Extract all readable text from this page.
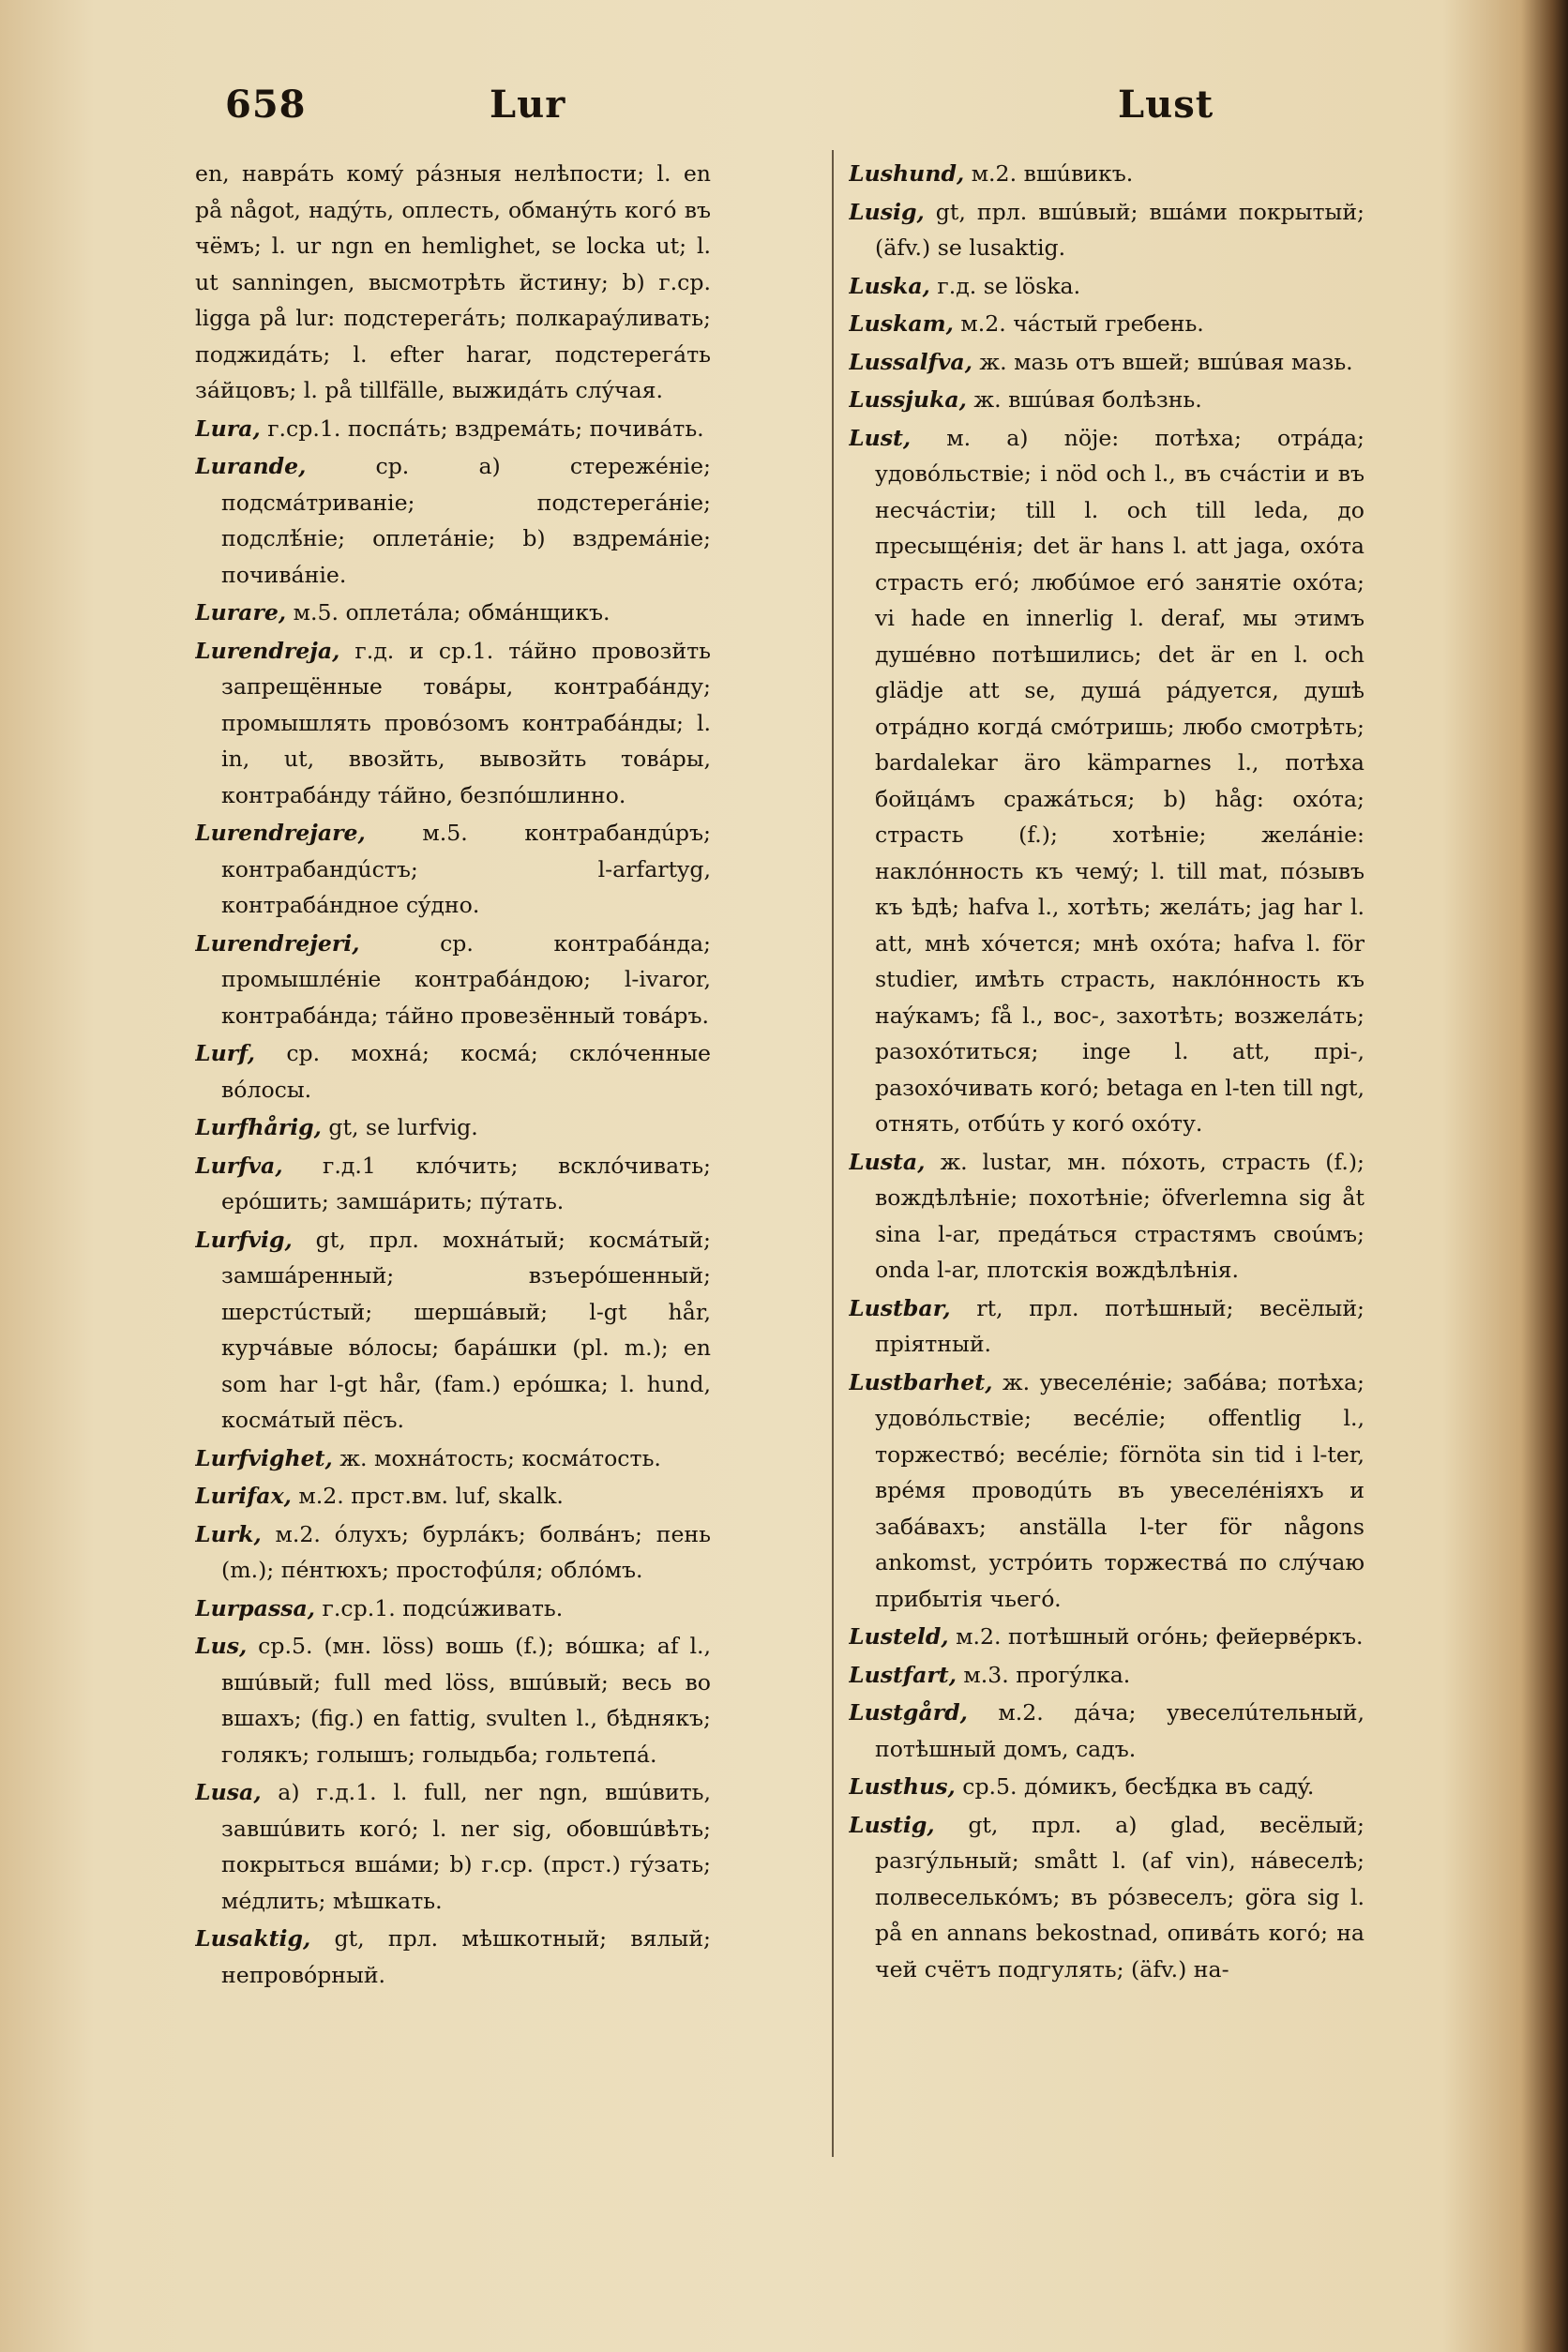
658	Lur	Lust

en, наврáть комý рáзныя нелѣпости; l. en på något, надýть, оплесть, обманýть когó въ чёмъ; l. ur ngn en hemlighet, se locka ut; l. ut sanningen, высмотрѣть йстину; b) г.ср. ligga på lur: подстерегáть; полкараýливать; поджидáть; l. efter harar, подстерегáть зáйцовъ; l. på tillfälle, выжидáть слýчая.

Lura, г.ср.1. поспáть; вздремáть; почивáть.

Lurande,	ср. a) стережéніе; подсмáтриваніе; подстерегáніе; подслѣ́ніе; оплетáніе; b) вздремáніе; почивáніе.

Lurare, м.5. оплетáла; обмáнщикъ.

Lurendreja, г.д. и ср.1. тáйно провозйть запрещённые товáры, контрабáнду; промышлять провóзомъ контрабáнды; l. in, ut, ввозйть, вывозйть товáры, контрабáнду тáйно, безпóшлинно.

Lurendrejare,	м.5. контрабандúръ; контрабандúстъ; l-arfartyg, контрабáндное сýдно.

Lurendrejeri,	ср. контрабáнда; промышлéніе контрабáндою; l-ivaror, контрабáнда; тáйно провезённый товáръ.

Lurf, ср. мохнá; космá; склóченные вóлосы.

Lurfhårig, gt, se lurfvig.

Lurfva, г.д.1 клóчить; всклóчивать; ерóшить; замшáрить; пýтать.

Lurfvig, gt, прл. мохнáтый; космáтый; замшáренный; взъерóшенный; шерстúстый; шершáвый; l-gt hår, курчáвые вóлосы; барáшки (pl. m.); en som har l-gt hår, (fam.) ерóшка; l. hund, космáтый пёсъ.

Lurfvighet, ж. мохнáтость; космáтость.

Lurifax, м.2. прст.вм. luf, skalk.

Lurk, м.2. óлухъ; бурлáкъ; болвáнъ; пень (m.); пéнтюхъ; простофúля; облóмъ.

Lurpassa, г.ср.1. подсúживать.

Lus, ср.5. (мн. löss) вошь (f.); вóшка; af l., вшúвый; full med löss, вшúвый; весь во вшахъ; (fig.) en fattig, svulten l., бѣднякъ; голякъ; голышъ; голыдьба; гольтепá.

Lusa, a) г.д.1. l. full, ner ngn, вшúвить, завшúвить когó; l. ner sig, обовшúвѣть; покрыться вшáми; b) г.ср. (прст.) гýзать; мéдлить; мѣшкать.

Lusaktig, gt, прл. мѣшкотный; вялый; непровóрный.

Lushund, м.2. вшúвикъ.

Lusig, gt, прл. вшúвый; вшáми покрытый; (äfv.) se lusaktig.

Luska, г.д. se löska.

Luskam, м.2. чáстый гребень.

Lussalfva, ж. мазь отъ вшей; вшúвая мазь.

Lussjuka, ж. вшúвая болѣзнь.

Lust, м. a) nöje: потѣха; отрáда; удовóльствіе; i nöd och l., въ счáстіи и въ несчáстіи; till l. och till leda, до пресыщéнія; det är hans l. att jaga, охóта страсть егó; любúмое егó занятіе охóта; vi hade en innerlig l. deraf, мы этимъ душéвно потѣшились; det är en l. och glädje att se, душá рáдуется, душѣ отрáдно когдá смóтришь; любо смотрѣть; bardalekar äro kämparnes l., потѣха бойцáмъ сражáться; b) håg: охóта; страсть (f.); хотѣніе; желáніе: наклóнность къ чемý; l. till mat, пóзывъ къ ѣдѣ; hafva l., хотѣть; желáть; jag har l. att, мнѣ хóчется; мнѣ охóта; hafva l. för studier, имѣть страсть, наклóнность къ наýкамъ; få l., вос-, захотѣть; возжелáть; разохóтиться; inge l. att, прі-, разохóчивать когó; betaga en l-ten till ngt, отнять, отбúть у когó охóту.

Lusta, ж. lustar, мн. пóхоть, страсть (f.); вождѣлѣніе; похотѣніе; öfverlemna sig åt sina l-ar, предáться страстямъ своúмъ; onda l-ar, плотскія вождѣлѣнія.

Lustbar, rt, прл. потѣшный; весёлый; пріятный.

Lustbarhet, ж. увеселéніе; забáва; потѣха; удовóльствіе; весéліе; offentlig l., торжествó; весéліе; förnöta sin tid i l-ter, врéмя проводúть въ увеселéніяхъ и забáвахъ; anställa l-ter för någons ankomst, устрóить торжествá по слýчаю прибытія чьегó.

Lusteld, м.2. потѣшный огóнь; фейервéркъ.

Lustfart, м.3. прогýлка.

Lustgård, м.2. дáча; увеселúтельный, потѣшный домъ, садъ.

Lusthus, ср.5. дóмикъ, бесѣ́дка въ садý.

Lustig, gt, прл. a) glad, весёлый; разгýльный; smått l. (af vin), нáвеселѣ; полвеселькóмъ; въ рóзвеселъ; göra sig l. på en annans bekostnad, опивáть когó; на чей счётъ подгулять; (äfv.) на-
